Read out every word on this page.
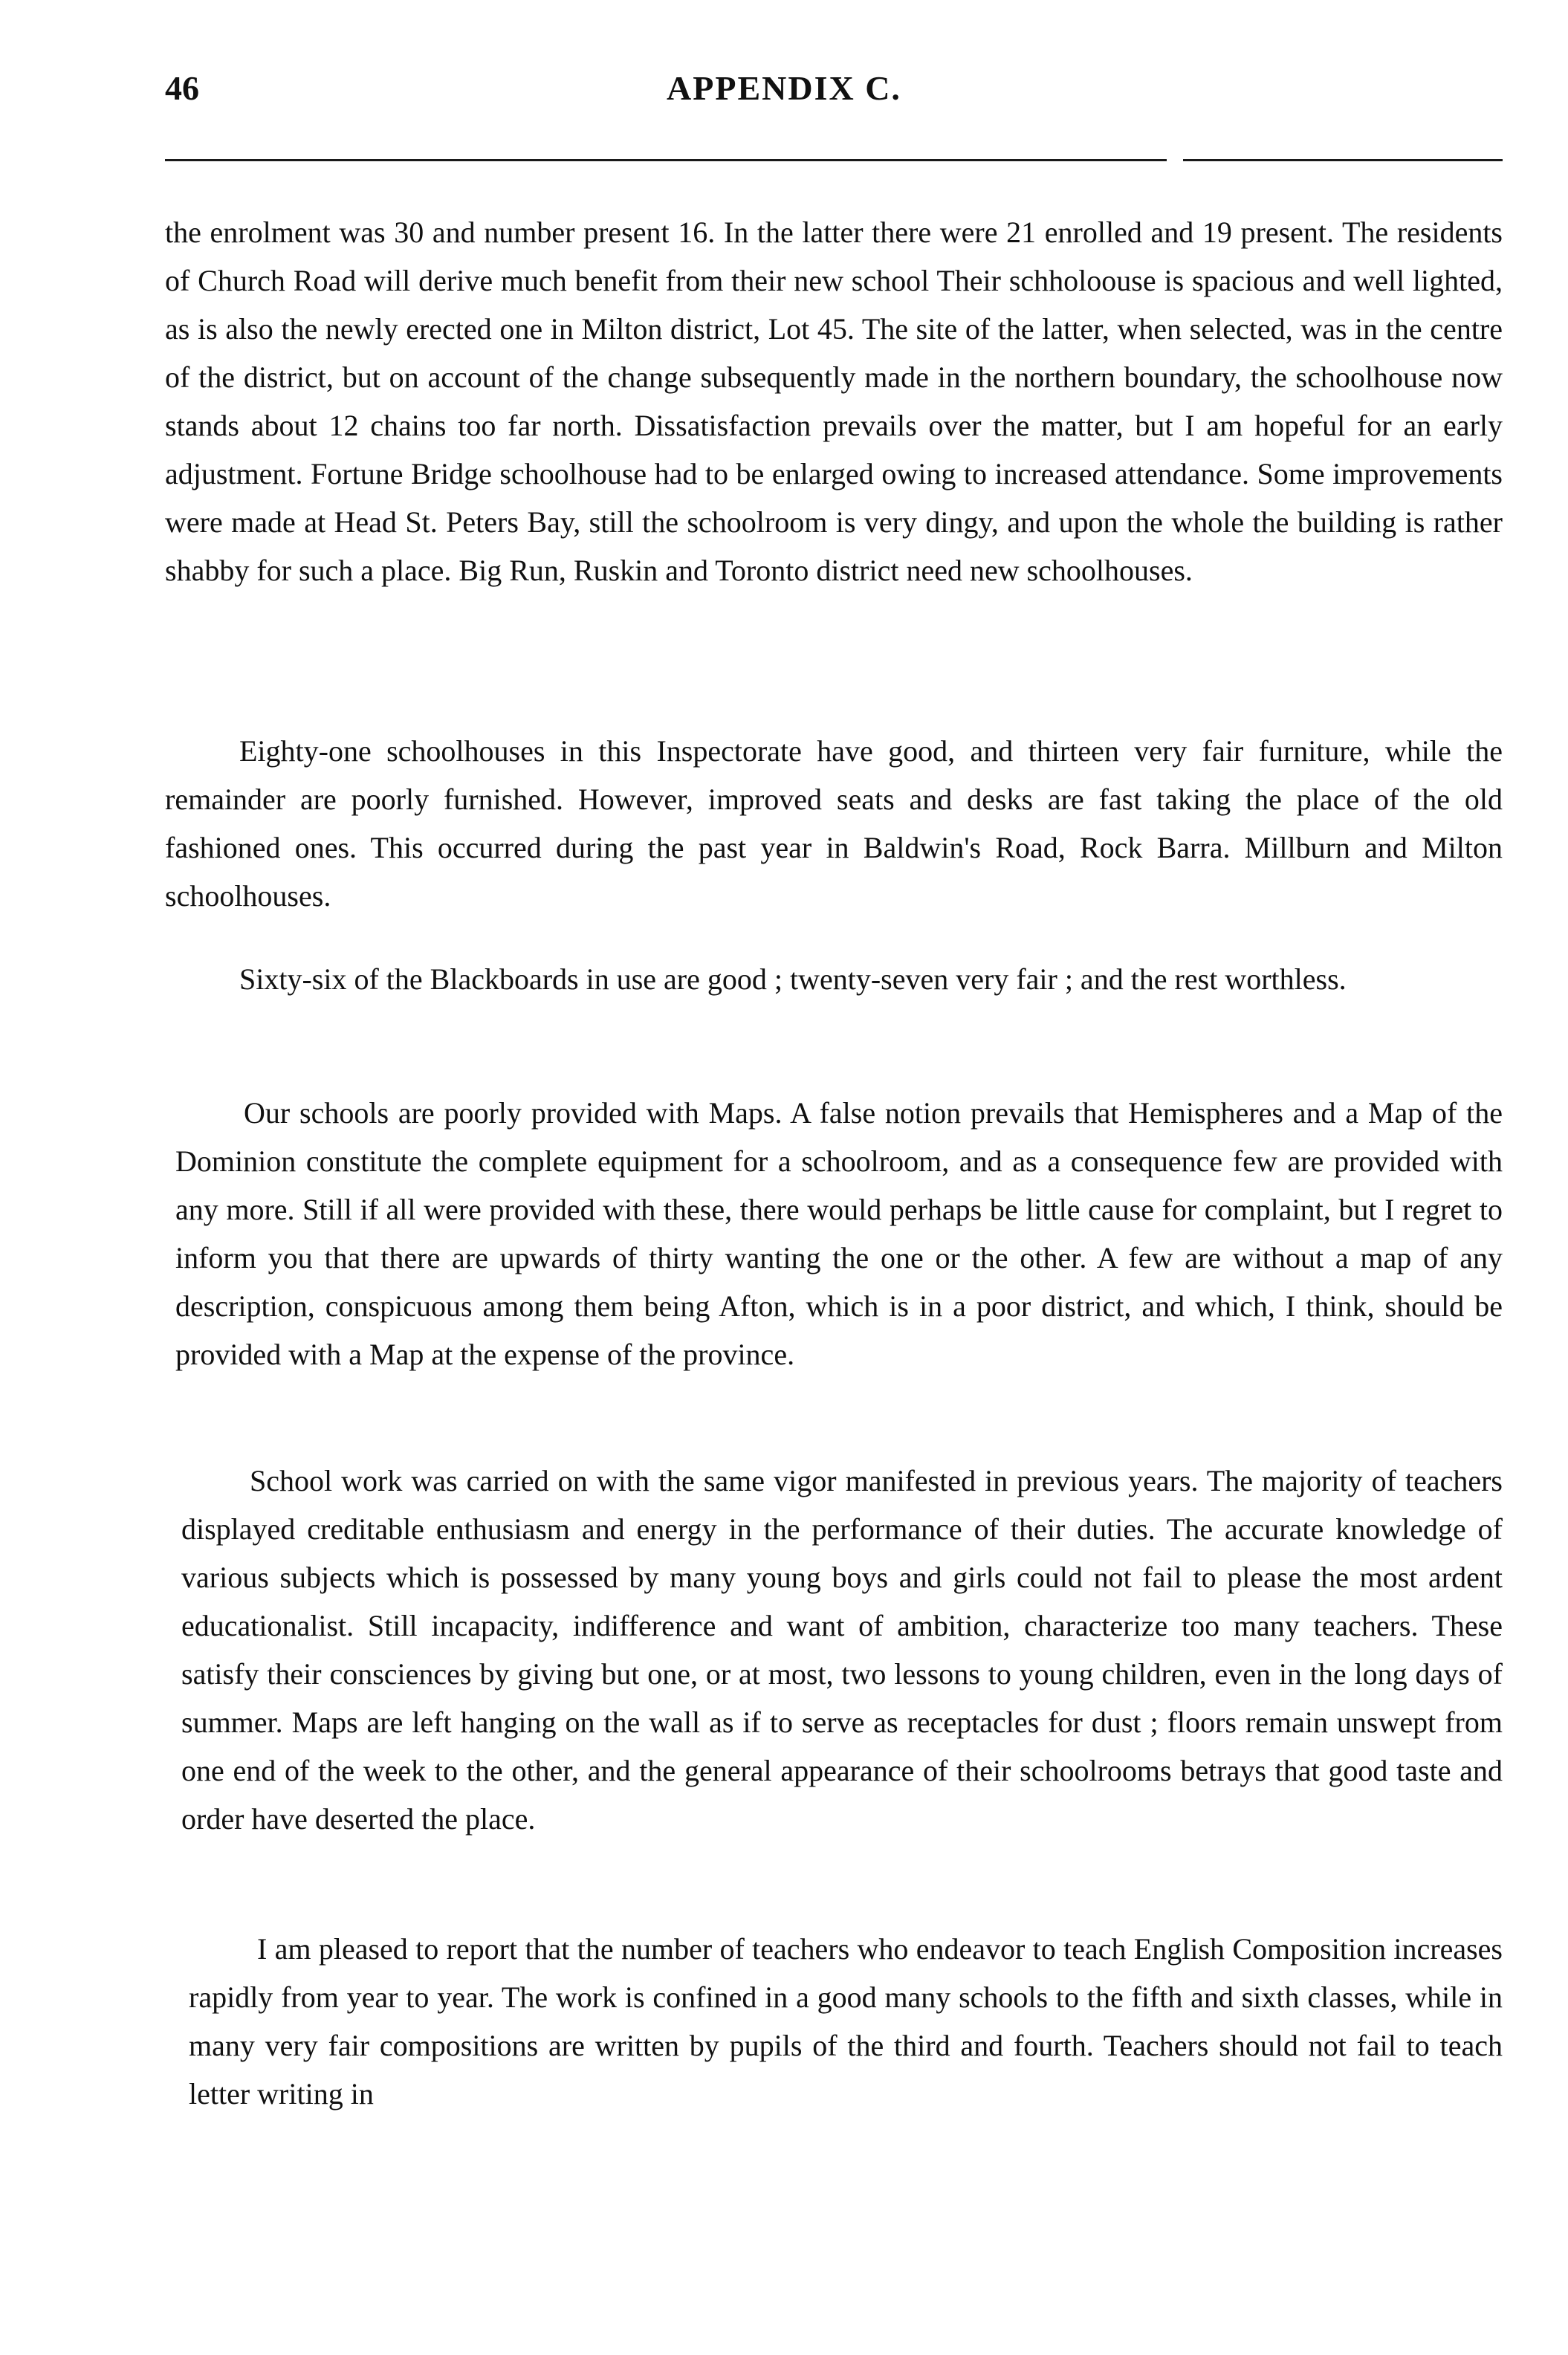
46	APPENDIX C.

the enrolment was 30 and number present 16. In the latter there were 21 enrolled and 19 present. The residents of Church Road will derive much benefit from their new school Their schholoouse is spacious and well lighted, as is also the newly erected one in Milton district, Lot 45. The site of the latter, when selected, was in the centre of the district, but on account of the change subsequently made in the northern boundary, the schoolhouse now stands about 12 chains too far north. Dissatisfaction prevails over the matter, but I am hopeful for an early adjustment. Fortune Bridge schoolhouse had to be enlarged owing to increased attendance. Some improvements were made at Head St. Peters Bay, still the schoolroom is very dingy, and upon the whole the building is rather shabby for such a place. Big Run, Ruskin and Toronto district need new schoolhouses.

Eighty-one schoolhouses in this Inspectorate have good, and thirteen very fair furniture, while the remainder are poorly furnished. However, improved seats and desks are fast taking the place of the old fashioned ones. This occurred during the past year in Baldwin's Road, Rock Barra. Millburn and Milton schoolhouses.

Sixty-six of the Blackboards in use are good ; twenty-seven very fair ; and the rest worthless.

Our schools are poorly provided with Maps. A false notion prevails that Hemispheres and a Map of the Dominion constitute the complete equipment for a schoolroom, and as a consequence few are provided with any more. Still if all were provided with these, there would perhaps be little cause for complaint, but I regret to inform you that there are upwards of thirty wanting the one or the other. A few are without a map of any description, conspicuous among them being Afton, which is in a poor district, and which, I think, should be provided with a Map at the expense of the province.

School work was carried on with the same vigor manifested in previous years. The majority of teachers displayed creditable enthusiasm and energy in the performance of their duties. The accurate knowledge of various subjects which is possessed by many young boys and girls could not fail to please the most ardent educationalist. Still incapacity, indifference and want of ambition, characterize too many teachers. These satisfy their consciences by giving but one, or at most, two lessons to young children, even in the long days of summer. Maps are left hanging on the wall as if to serve as receptacles for dust ; floors remain unswept from one end of the week to the other, and the general appearance of their schoolrooms betrays that good taste and order have deserted the place.

I am pleased to report that the number of teachers who endeavor to teach English Composition increases rapidly from year to year. The work is confined in a good many schools to the fifth and sixth classes, while in many very fair compositions are written by pupils of the third and fourth. Teachers should not fail to teach letter writing in
